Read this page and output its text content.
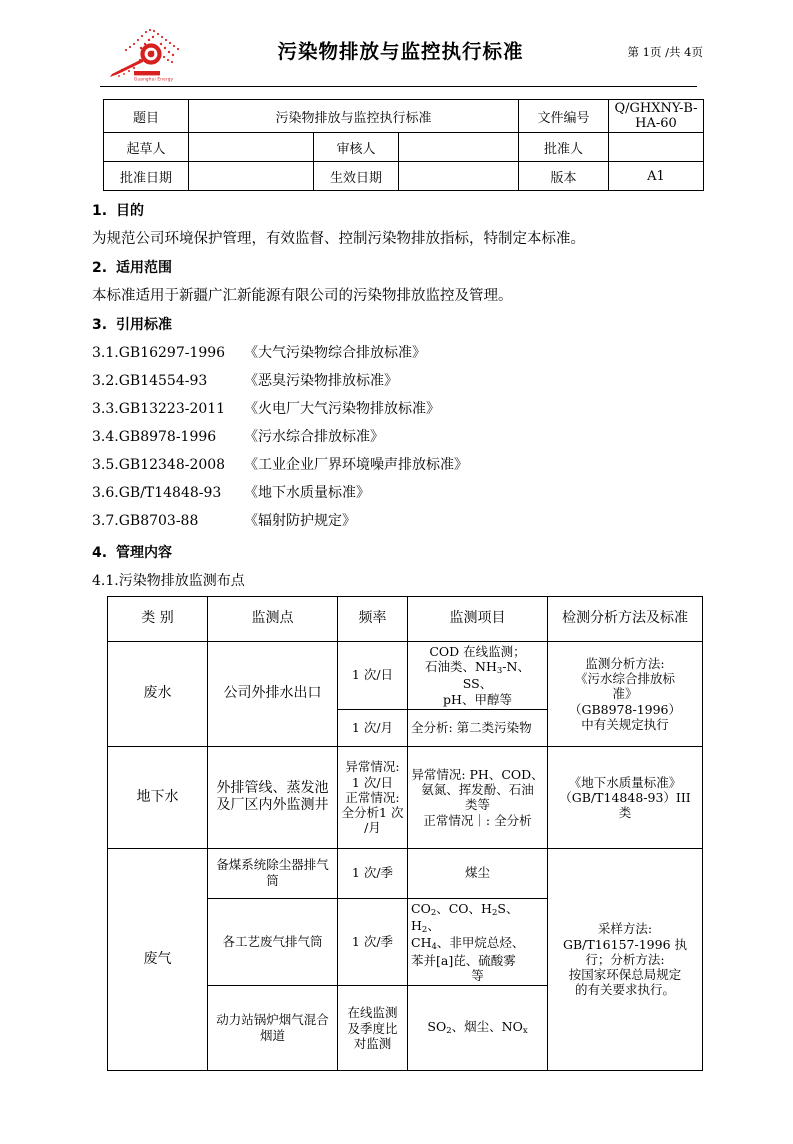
Guanghui Energy
污染物排放与监控执行标准	第 1页 /共 4页
题目	污染物排放与监控执行标准			文件编号	Q/GHXNY-B-HA-60
起草人		审核人		批准人	
批准日期		生效日期		版本	A1
1. 目的
为规范公司环境保护管理，有效监督、控制污染物排放指标，特制定本标准。
2. 适用范围
本标准适用于新疆广汇新能源有限公司的污染物排放监控及管理。
3. 引用标准
3.1.GB16297-1996 《大气污染物综合排放标准》
3.2.GB14554-93	《恶臭污染物排放标准》
3.3.GB13223-2011 《火电厂大气污染物排放标准》
3.4.GB8978-1996 《污水综合排放标准》
3.5.GB12348-2008 《工业企业厂界环境噪声排放标准》
3.6.GB/T14848-93 《地下水质量标准》
3.7.GB8703-88	《辐射防护规定》
4. 管理内容
4.1.污染物排放监测布点
类 别	监测点	频率	监测项目	检测分析方法及标准
废水	公司外排水出口	1 次/日	COD 在线监测；
石油类、$NH_3-N$、SS、
pH、甲醇等	监测分析方法:
《污水综合排放标
准》
（GB8978-1996）
中有关规定执行
		1 次/月	全分析: 第二类污染物	
地下水	外排管线、蒸发池及厂区内外监测井	异常情况:
1 次/日
正常情况:
全分析1 次
/月	异常情况: PH、COD、
氨氮、挥发酚、石油
类等
正常情况｜: 全分析	《地下水质量标准》
（GB/T14848-93）III
类
废气	备煤系统除尘器排气筒	1 次/季	煤尘	采样方法:
GB/T16157-1996 执
行；分析方法:
按国家环保总局规定
的有关要求执行。
	各工艺废气排气筒	1 次/季	$CO_2$、CO、$H_2S$、$H_2$、
$CH_4$、非甲烷总烃、
苯并[a]芘、硫酸雾
等	
	动力站锅炉烟气混合烟道	在线监测
及季度比
对监测	$SO_2$、烟尘、$NO_x$
